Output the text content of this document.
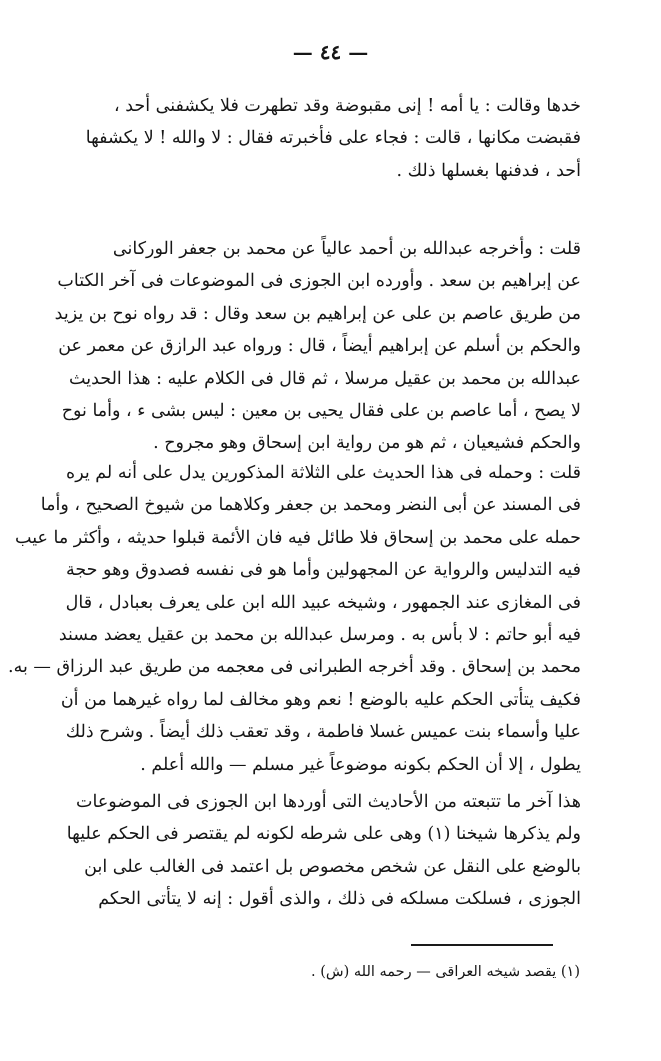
— ٤٤ —
خدها وقالت : يا أمه ! إنى مقبوضة وقد تطهرت فلا يكشفنى أحد ،
فقبضت مكانها ، قالت : فجاء على فأخبرته فقال : لا والله ! لا يكشفها
أحد ، فدفنها بغسلها ذلك .
قلت : وأخرجه عبدالله بن أحمد عالياً عن محمد بن جعفر الوركانى
عن إبراهيم بن سعد . وأورده ابن الجوزى فى الموضوعات فى آخر الكتاب
من طريق عاصم بن على عن إبراهيم بن سعد وقال : قد رواه نوح بن يزيد
والحكم بن أسلم عن إبراهيم أيضاً ، قال : ورواه عبد الرازق عن معمر عن
عبدالله بن محمد بن عقيل مرسلا ، ثم قال فى الكلام عليه : هذا الحديث
لا يصح ، أما عاصم بن على فقال يحيى بن معين : ليس بشى ء ، وأما نوح
والحكم فشيعيان ، ثم هو من رواية ابن إسحاق وهو مجروح .
قلت : وحمله فى هذا الحديث على الثلاثة المذكورين يدل على أنه لم يره
فى المسند عن أبى النضر ومحمد بن جعفر وكلاهما من شيوخ الصحيح ، وأما
حمله على محمد بن إسحاق فلا طائل فيه فان الأئمة قبلوا حديثه ، وأكثر ما عيب
فيه التدليس والرواية عن المجهولين وأما هو فى نفسه فصدوق وهو حجة
فى المغازى عند الجمهور ، وشيخه عبيد الله ابن على يعرف بعبادل ، قال
فيه أبو حاتم : لا بأس به . ومرسل عبدالله بن محمد بن عقيل يعضد مسند
محمد بن إسحاق . وقد أخرجه الطبرانى فى معجمه من طريق عبد الرزاق — به.
فكيف يتأتى الحكم عليه بالوضع ! نعم وهو مخالف لما رواه غيرهما من أن
عليا وأسماء بنت عميس غسلا فاطمة ، وقد تعقب ذلك أيضاً . وشرح ذلك
يطول ، إلا أن الحكم بكونه موضوعاً غير مسلم — والله أعلم .
هذا آخر ما تتبعته من الأحاديث التى أوردها ابن الجوزى فى الموضوعات
ولم يذكرها شيخنا (١) وهى على شرطه لكونه لم يقتصر فى الحكم عليها
بالوضع على النقل عن شخص مخصوص بل اعتمد فى الغالب على ابن
الجوزى ، فسلكت مسلكه فى ذلك ، والذى أقول : إنه لا يتأتى الحكم
(١) يقصد شيخه العراقى — رحمه الله (ش) .
